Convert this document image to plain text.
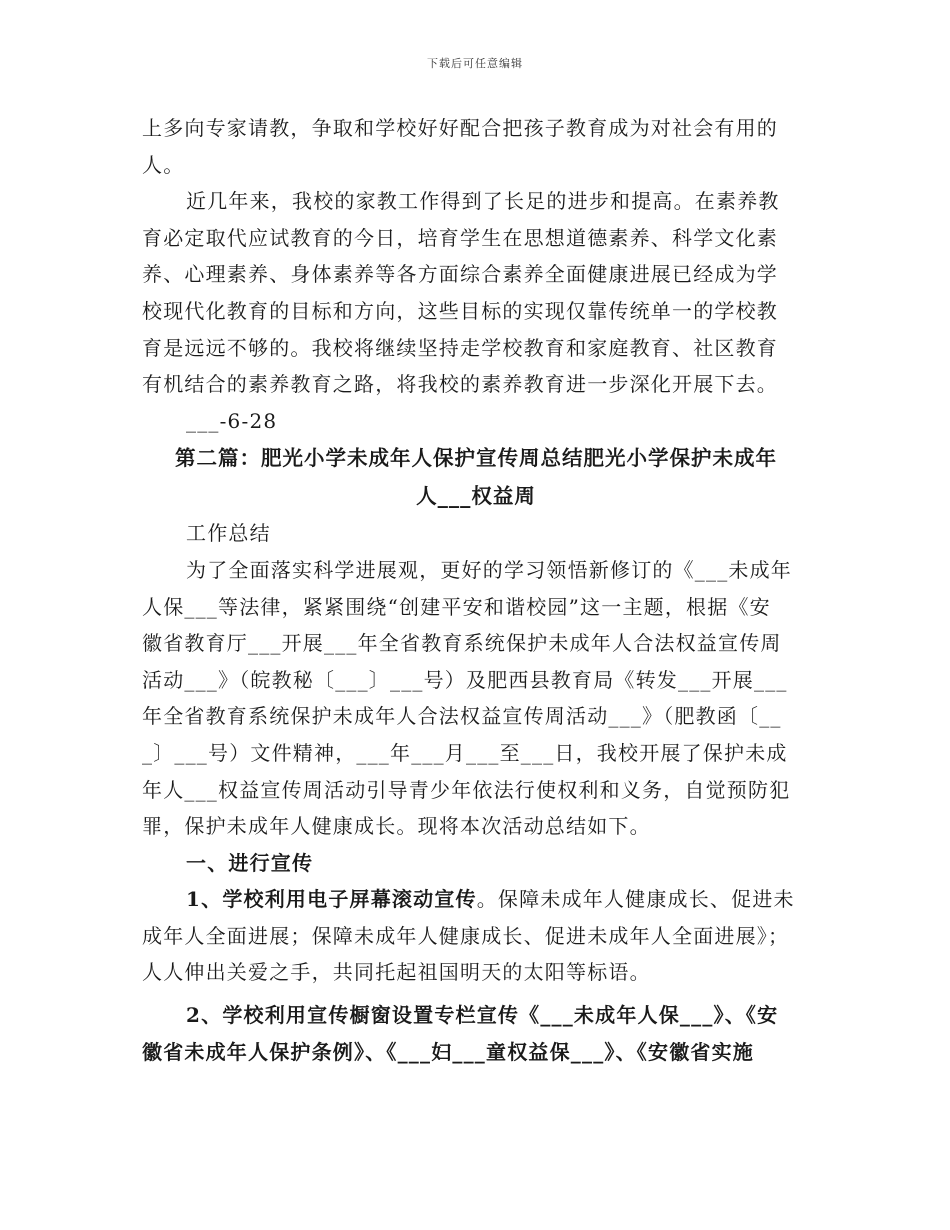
下载后可任意编辑
上多向专家请教，争取和学校好好配合把孩子教育成为对社会有用的
人。
近几年来，我校的家教工作得到了长足的进步和提高。在素养教
育必定取代应试教育的今日，培育学生在思想道德素养、科学文化素
养、心理素养、身体素养等各方面综合素养全面健康进展已经成为学
校现代化教育的目标和方向，这些目标的实现仅靠传统单一的学校教
育是远远不够的。我校将继续坚持走学校教育和家庭教育、社区教育
有机结合的素养教育之路，将我校的素养教育进一步深化开展下去。
___-6-28
第二篇：肥光小学未成年人保护宣传周总结肥光小学保护未成年
人___权益周
工作总结
为了全面落实科学进展观，更好的学习领悟新修订的《___未成年
人保___等法律，紧紧围绕“创建平安和谐校园”这一主题，根据《安
徽省教育厅___开展___年全省教育系统保护未成年人合法权益宣传周
活动___》（皖教秘〔___〕___号）及肥西县教育局《转发___开展___
年全省教育系统保护未成年人合法权益宣传周活动___》（肥教函〔__
_〕___号）文件精神，___年___月___至___日，我校开展了保护未成
年人___权益宣传周活动引导青少年依法行使权利和义务，自觉预防犯
罪，保护未成年人健康成长。现将本次活动总结如下。
一、进行宣传
1、学校利用电子屏幕滚动宣传。保障未成年人健康成长、促进未
成年人全面进展；保障未成年人健康成长、促进未成年人全面进展》；
人人伸出关爱之手，共同托起祖国明天的太阳等标语。
2、学校利用宣传橱窗设置专栏宣传《___未成年人保___》、《安
徽省未成年人保护条例》、《___妇___童权益保___》、《安徽省实施
